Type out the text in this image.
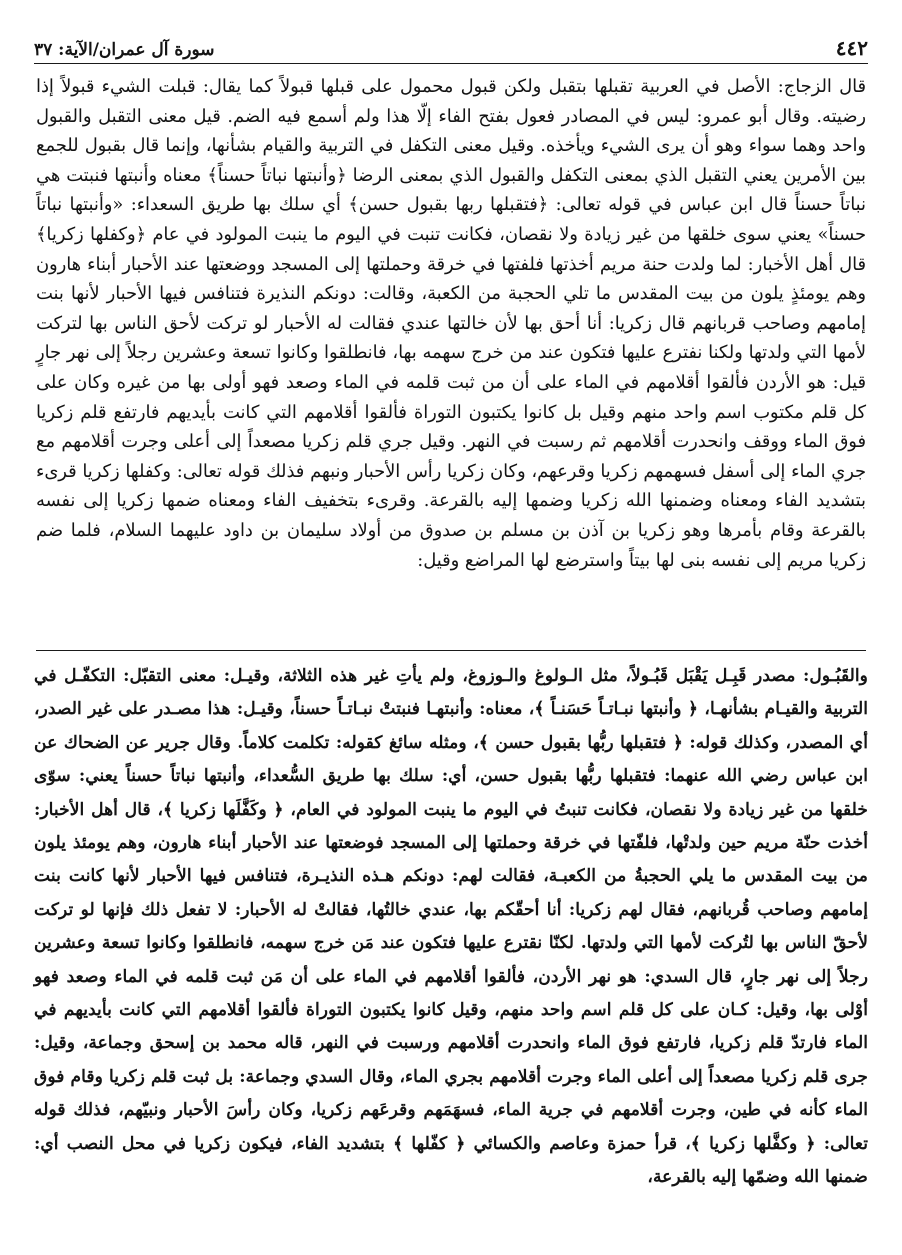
٤٤٢
سورة آل عمران/الآية: ٣٧

قال الزجاج: الأصل في العربية تقبلها بتقبل ولكن قبول محمول على قبلها قبولاً كما يقال: قبلت الشيء قبولاً إذا رضيته. وقال أبو عمرو: ليس في المصادر فعول بفتح الفاء إلّا هذا ولم أسمع فيه الضم. قيل معنى التقبل والقبول واحد وهما سواء وهو أن يرى الشيء ويأخذه. وقيل معنى التكفل في التربية والقيام بشأنها، وإنما قال بقبول للجمع بين الأمرين يعني التقبل الذي بمعنى التكفل والقبول الذي بمعنى الرضا ﴿وأنبتها نباتاً حسناً﴾ معناه وأنبتها فنبتت هي نباتاً حسناً قال ابن عباس في قوله تعالى: ﴿فتقبلها ربها بقبول حسن﴾ أي سلك بها طريق السعداء: «وأنبتها نباتاً حسناً» يعني سوى خلقها من غير زيادة ولا نقصان، فكانت تنبت في اليوم ما ينبت المولود في عام ﴿وكفلها زكريا﴾ قال أهل الأخبار: لما ولدت حنة مريم أخذتها فلفتها في خرقة وحملتها إلى المسجد ووضعتها عند الأحبار أبناء هارون وهم يومئذٍ يلون من بيت المقدس ما تلي الحجبة من الكعبة، وقالت: دونكم النذيرة فتنافس فيها الأحبار لأنها بنت إمامهم وصاحب قربانهم قال زكريا: أنا أحق بها لأن خالتها عندي فقالت له الأحبار لو تركت لأحق الناس بها لتركت لأمها التي ولدتها ولكنا نفترع عليها فتكون عند من خرج سهمه بها، فانطلقوا وكانوا تسعة وعشرين رجلاً إلى نهر جارٍ قيل: هو الأردن فألقوا أقلامهم في الماء على أن من ثبت قلمه في الماء وصعد فهو أولى بها من غيره وكان على كل قلم مكتوب اسم واحد منهم وقيل بل كانوا يكتبون التوراة فألقوا أقلامهم التي كانت بأيديهم فارتفع قلم زكريا فوق الماء ووقف وانحدرت أقلامهم ثم رسبت في النهر. وقيل جري قلم زكريا مصعداً إلى أعلى وجرت أقلامهم مع جري الماء إلى أسفل فسهمهم زكريا وقرعهم، وكان زكريا رأس الأحبار ونبهم فذلك قوله تعالى: وكفلها زكريا قرىء بتشديد الفاء ومعناه وضمنها الله زكريا وضمها إليه بالقرعة. وقرىء بتخفيف الفاء ومعناه ضمها زكريا إلى نفسه بالقرعة وقام بأمرها وهو زكريا بن آذن بن مسلم بن صدوق من أولاد سليمان بن داود عليهما السلام، فلما ضم زكريا مريم إلى نفسه بنى لها بيتاً واسترضع لها المراضع وقيل:

والقَبُـول: مصدر قَبِـل يَقْبَل قَبُـولاً، مثل الـولوغ والـوزوغ، ولم يأتِ غير هذه الثلاثة، وقيـل: معنى التقبّل: التكفّـل في التربية والقيـام بشأنهـا، ﴿ وأنبتها نبـاتـاً حَسَنـاً ﴾، معناه: وأنبتهـا فنبتتْ نبـاتـاً حسناً، وقيـل: هذا مصـدر على غير الصدر، أي المصدر، وكذلك قوله: ﴿ فتقبلها ربُّها بقبول حسن ﴾، ومثله سائغ كقوله: تكلمت كلاماً. وقال جرير عن الضحاك عن ابن عباس رضي الله عنهما: فتقبلها ربُّها بقبول حسن، أي: سلك بها طريق السُّعداء، وأنبتها نباتاً حسناً يعني: سوّى خلقها من غير زيادة ولا نقصان، فكانت تنبتُ في اليوم ما ينبت المولود في العام، ﴿ وكَفَّلَها زكريا ﴾، قال أهل الأخبار: أخذت حنّة مريم حين ولدتْها، فلفّتها في خرقة وحملتها إلى المسجد فوضعتها عند الأحبار أبناء هارون، وهم يومئذ يلون من بيت المقدس ما يلي الحجبةُ من الكعبـة، فقالت لهم: دونكم هـذه النذيـرة، فتنافس فيها الأحبار لأنها كانت بنت إمامهم وصاحب قُربانهم، فقال لهم زكريا: أنا أحقّكم بها، عندي خالتُها، فقالتْ له الأحبار: لا تفعل ذلك فإنها لو تركت لأحقّ الناس بها لتُركت لأمها التي ولدتها. لكنّا نقترع عليها فتكون عند مَن خرج سهمه، فانطلقوا وكانوا تسعة وعشرين رجلاً إلى نهر جارٍ، قال السدي: هو نهر الأردن، فألقوا أقلامهم في الماء على أن مَن ثبت قلمه في الماء وصعد فهو أوْلى بها، وقيل: كـان على كل قلم اسم واحد منهم، وقيل كانوا يكتبون التوراة فألقوا أقلامهم التي كانت بأيديهم في الماء فارتدّ قلم زكريا، فارتفع فوق الماء وانحدرت أقلامهم ورسبت في النهر، قاله محمد بن إسحق وجماعة، وقيل: جرى قلم زكريا مصعداً إلى أعلى الماء وجرت أقلامهم بجري الماء، وقال السدي وجماعة: بل ثبت قلم زكريا وقام فوق الماء كأنه في طين، وجرت أقلامهم في جرية الماء، فسهَمَهم وقرعَهم زكريا، وكان رأسَ الأحبار ونبيّهم، فذلك قوله تعالى: ﴿ وكفَّلها زكريا ﴾، قرأ حمزة وعاصم والكسائي ﴿ كفّلها ﴾ بتشديد الفاء، فيكون زكريا في محل النصب أي: ضمنها الله وضمّها إليه بالقرعة،
